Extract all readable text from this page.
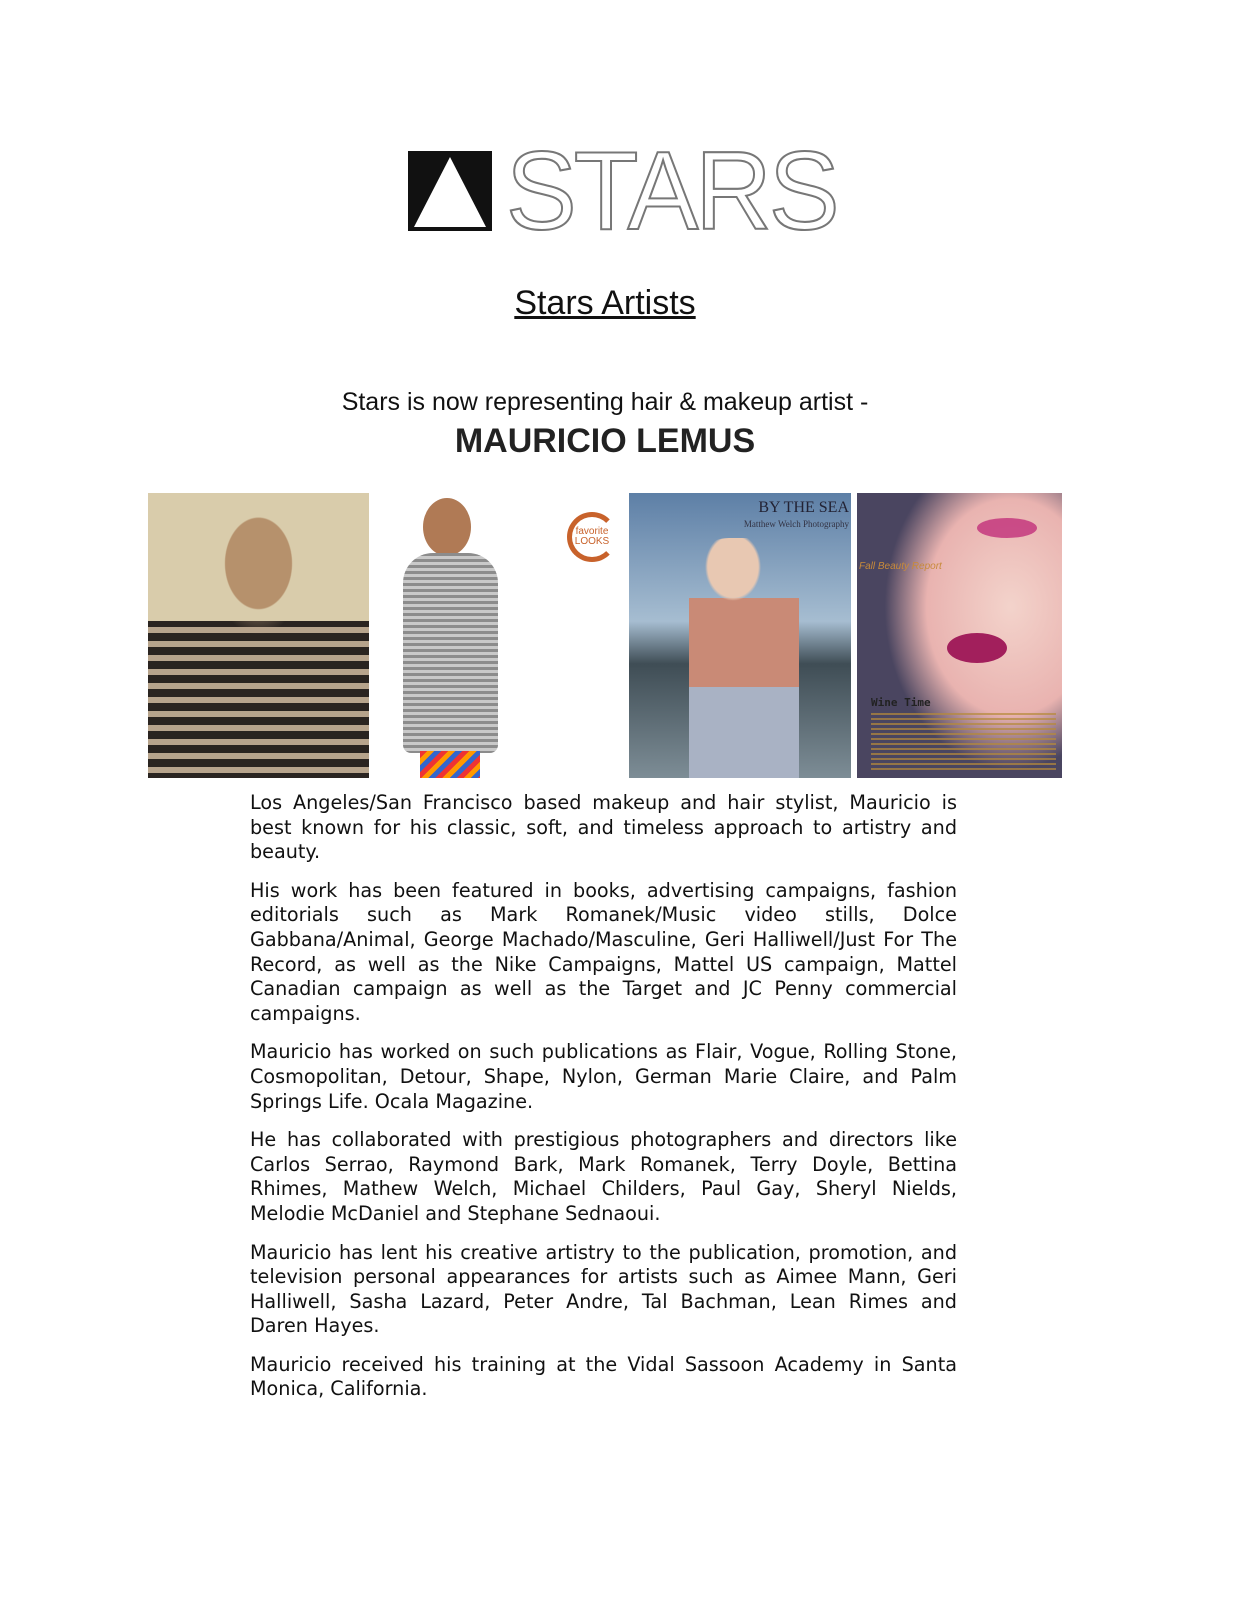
STARS
Stars Artists
Stars is now representing hair & makeup artist -
MAURICIO LEMUS
favorite
LOOKS
BY THE SEA
Matthew Welch Photography
Fall Beauty Report
Wine Time

Los Angeles/San Francisco based makeup and hair stylist, Mauricio is best known for his classic, soft, and timeless approach to artistry and beauty.

His work has been featured in books, advertising campaigns, fashion editorials such as Mark Romanek/Music video stills, Dolce Gabbana/Animal, George Machado/Masculine, Geri Halliwell/Just For The Record, as well as the Nike Campaigns, Mattel US campaign, Mattel Canadian campaign as well as the Target and JC Penny commercial campaigns.

Mauricio has worked on such publications as Flair, Vogue, Rolling Stone, Cosmopolitan, Detour, Shape, Nylon, German Marie Claire, and Palm Springs Life. Ocala Magazine.

He has collaborated with prestigious photographers and directors like Carlos Serrao, Raymond Bark, Mark Romanek, Terry Doyle, Bettina Rhimes, Mathew Welch, Michael Childers, Paul Gay, Sheryl Nields, Melodie McDaniel and Stephane Sednaoui.

Mauricio has lent his creative artistry to the publication, promotion, and television personal appearances for artists such as Aimee Mann, Geri Halliwell, Sasha Lazard, Peter Andre, Tal Bachman, Lean Rimes and Daren Hayes.

Mauricio received his training at the Vidal Sassoon Academy in Santa Monica, California.
